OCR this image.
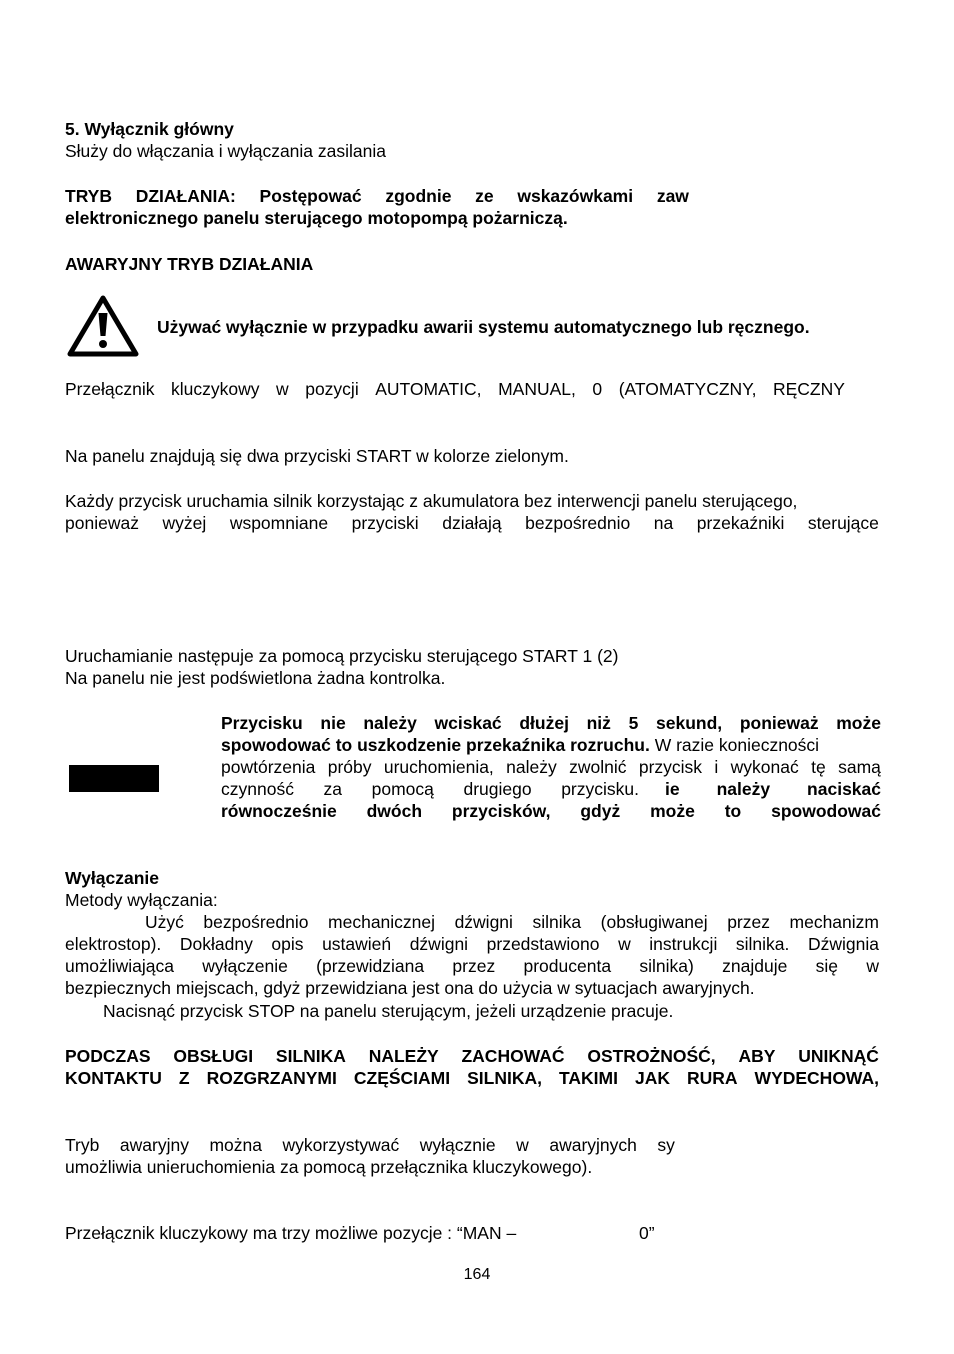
5. Wyłącznik główny
Służy do włączania i wyłączania zasilania
TRYB DZIAŁANIA: Postępować zgodnie ze wskazówkami zaw
elektronicznego panelu sterującego motopompą pożarniczą.
AWARYJNY TRYB DZIAŁANIA
Używać wyłącznie w przypadku awarii systemu automatycznego lub ręcznego.
Przełącznik kluczykowy w pozycji AUTOMATIC, MANUAL, 0 (ATOMATYCZNY, RĘCZNY
Na panelu znajdują się dwa przyciski START w kolorze zielonym.
Każdy przycisk uruchamia silnik korzystając z akumulatora bez interwencji panelu sterującego,
ponieważ wyżej wspomniane przyciski działają bezpośrednio na przekaźniki sterujące
Uruchamianie następuje za pomocą przycisku sterującego START 1 (2)
Na panelu nie jest podświetlona żadna kontrolka.
Przycisku nie należy wciskać dłużej niż 5 sekund, ponieważ może
spowodować to uszkodzenie przekaźnika rozruchu. W razie konieczności
powtórzenia próby uruchomienia, należy zwolnić przycisk i wykonać tę samą
czynność za pomocą drugiego przycisku. ie należy naciskać
równocześnie dwóch przycisków, gdyż może to spowodować
Wyłączanie
Metody wyłączania:
Użyć bezpośrednio mechanicznej dźwigni silnika (obsługiwanej przez mechanizm
elektrostop). Dokładny opis ustawień dźwigni przedstawiono w instrukcji silnika. Dźwignia
umożliwiająca wyłączenie (przewidziana przez producenta silnika) znajduje się w
bezpiecznych miejscach, gdyż przewidziana jest ona do użycia w sytuacjach awaryjnych.
Nacisnąć przycisk STOP na panelu sterującym, jeżeli urządzenie pracuje.
PODCZAS OBSŁUGI SILNIKA NALEŻY ZACHOWAĆ OSTROŻNOŚĆ, ABY UNIKNĄĆ
KONTAKTU Z ROZGRZANYMI CZĘŚCIAMI SILNIKA, TAKIMI JAK RURA WYDECHOWA,
Tryb awaryjny można wykorzystywać wyłącznie w awaryjnych sy
umożliwia unieruchomienia za pomocą przełącznika kluczykowego).
Przełącznik kluczykowy ma trzy możliwe pozycje : “MAN –	0”
164
